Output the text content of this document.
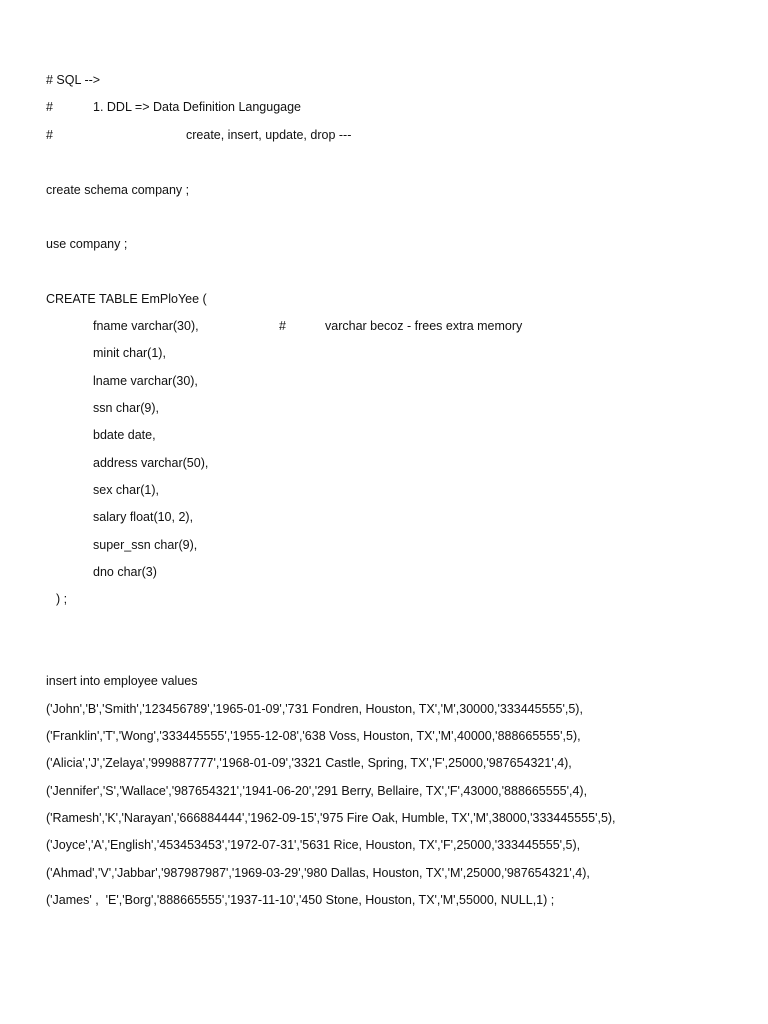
# SQL -->
#	1. DDL => Data Definition Langugage
#	create, insert, update, drop ---
create schema company ;
use company ;
CREATE TABLE EmPloYee (
fname varchar(30),	#	varchar becoz - frees extra memory
minit char(1),
lname varchar(30),
ssn char(9),
bdate date,
address varchar(50),
sex char(1),
salary float(10, 2),
super_ssn char(9),
dno char(3)
) ;
insert into employee values
('John','B','Smith','123456789','1965-01-09','731 Fondren, Houston, TX','M',30000,'333445555',5),
('Franklin','T','Wong','333445555','1955-12-08','638 Voss, Houston, TX','M',40000,'888665555',5),
('Alicia','J','Zelaya','999887777','1968-01-09','3321 Castle, Spring, TX','F',25000,'987654321',4),
('Jennifer','S','Wallace','987654321','1941-06-20','291 Berry, Bellaire, TX','F',43000,'888665555',4),
('Ramesh','K','Narayan','666884444','1962-09-15','975 Fire Oak, Humble, TX','M',38000,'333445555',5),
('Joyce','A','English','453453453','1972-07-31','5631 Rice, Houston, TX','F',25000,'333445555',5),
('Ahmad','V','Jabbar','987987987','1969-03-29','980 Dallas, Houston, TX','M',25000,'987654321',4),
('James' ,  'E','Borg','888665555','1937-11-10','450 Stone, Houston, TX','M',55000, NULL,1) ;
